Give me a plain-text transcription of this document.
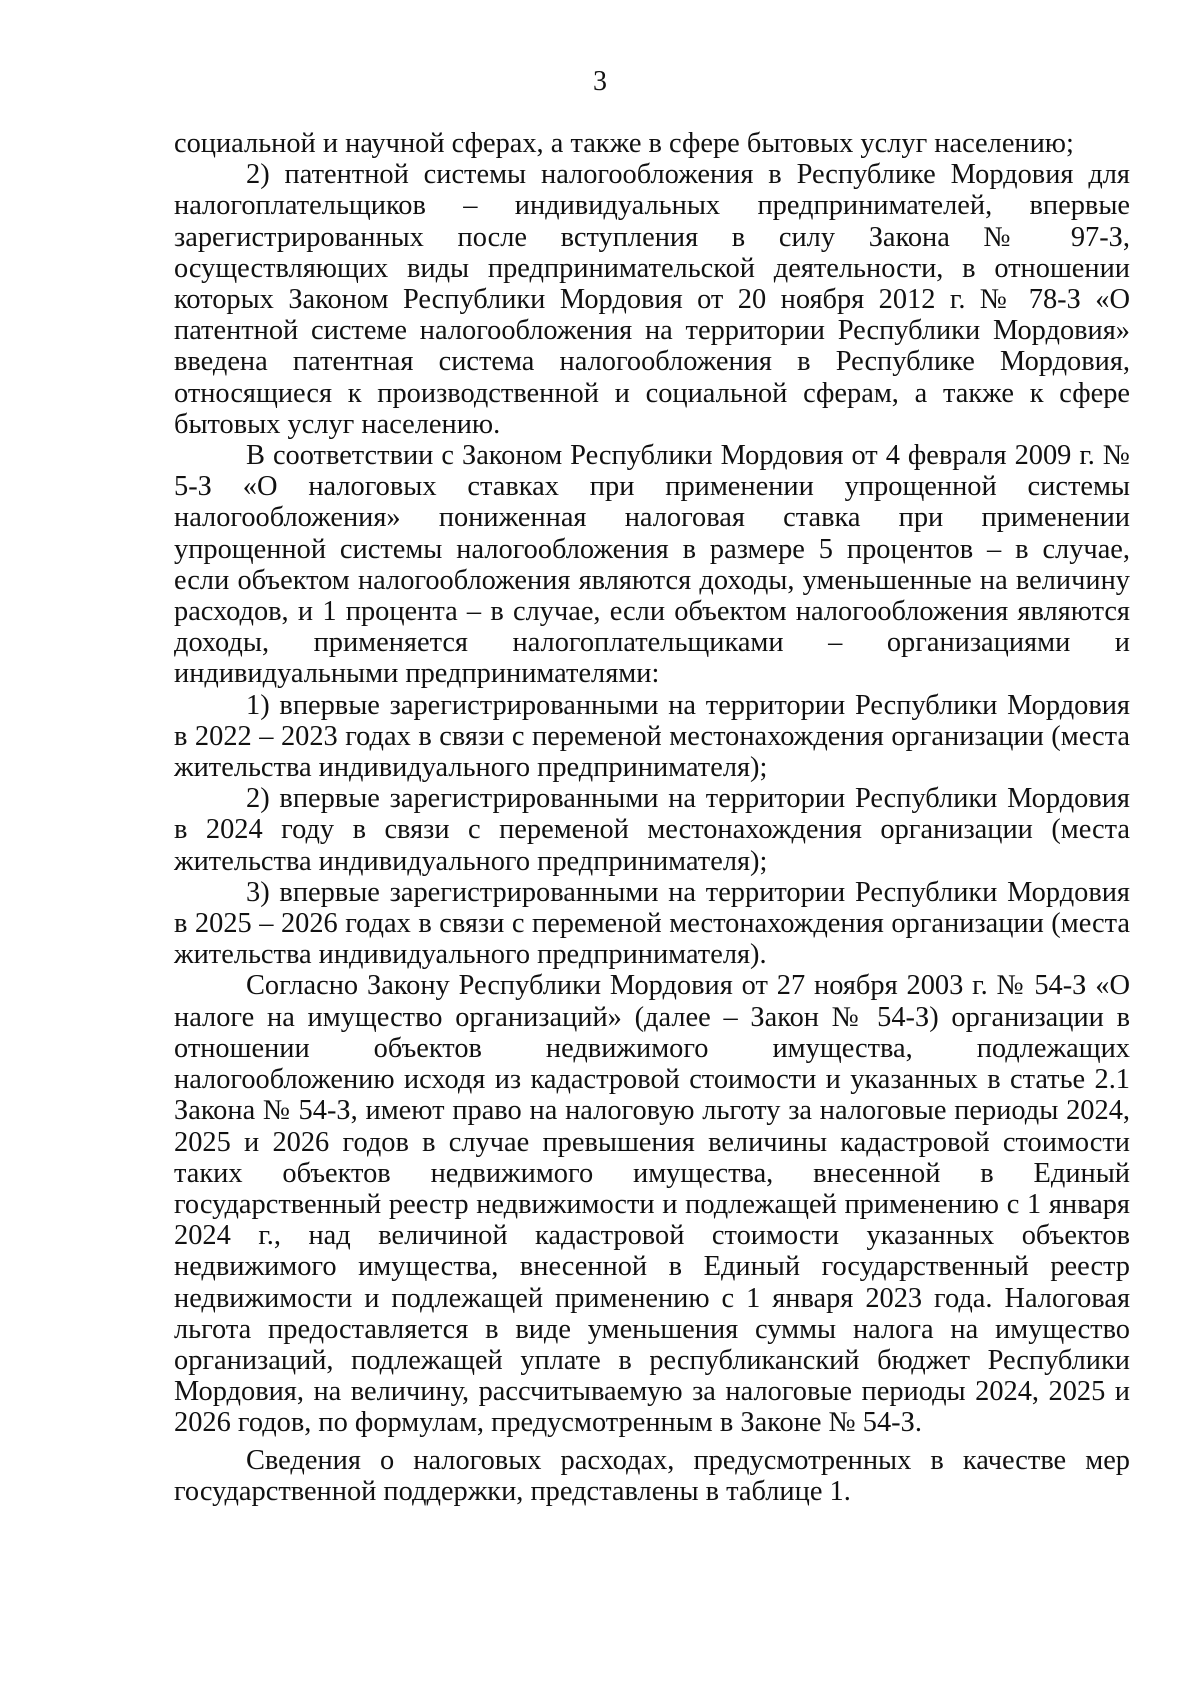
3

социальной и научной сферах, а также в сфере бытовых услуг населению;

2) патентной системы налогообложения в Республике Мордовия для налогоплательщиков – индивидуальных предпринимателей, впервые зарегистрированных после вступления в силу Закона № 97-З, осуществляющих виды предпринимательской деятельности, в отношении которых Законом Республики Мордовия от 20 ноября 2012 г. № 78-З «О патентной системе налогообложения на территории Республики Мордовия» введена патентная система налогообложения в Республике Мордовия, относящиеся к производственной и социальной сферам, а также к сфере бытовых услуг населению.

В соответствии с Законом Республики Мордовия от 4 февраля 2009 г. № 5-З «О налоговых ставках при применении упрощенной системы налогообложения» пониженная налоговая ставка при применении упрощенной системы налогообложения в размере 5 процентов – в случае, если объектом налогообложения являются доходы, уменьшенные на величину расходов, и 1 процента – в случае, если объектом налогообложения являются доходы, применяется налогоплательщиками – организациями и индивидуальными предпринимателями:

1) впервые зарегистрированными на территории Республики Мордовия в 2022 – 2023 годах в связи с переменой местонахождения организации (места жительства индивидуального предпринимателя);

2) впервые зарегистрированными на территории Республики Мордовия в 2024 году в связи с переменой местонахождения организации (места жительства индивидуального предпринимателя);

3) впервые зарегистрированными на территории Республики Мордовия в 2025 – 2026 годах в связи с переменой местонахождения организации (места жительства индивидуального предпринимателя).

Согласно Закону Республики Мордовия от 27 ноября 2003 г. № 54-З «О налоге на имущество организаций» (далее – Закон № 54-З) организации в отношении объектов недвижимого имущества, подлежащих налогообложению исходя из кадастровой стоимости и указанных в статье 2.1 Закона № 54-З, имеют право на налоговую льготу за налоговые периоды 2024, 2025 и 2026 годов в случае превышения величины кадастровой стоимости таких объектов недвижимого имущества, внесенной в Единый государственный реестр недвижимости и подлежащей применению с 1 января 2024 г., над величиной кадастровой стоимости указанных объектов недвижимого имущества, внесенной в Единый государственный реестр недвижимости и подлежащей применению с 1 января 2023 года. Налоговая льгота предоставляется в виде уменьшения суммы налога на имущество организаций, подлежащей уплате в республиканский бюджет Республики Мордовия, на величину, рассчитываемую за налоговые периоды 2024, 2025 и 2026 годов, по формулам, предусмотренным в Законе № 54-З.

Сведения о налоговых расходах, предусмотренных в качестве мер государственной поддержки, представлены в таблице 1.
